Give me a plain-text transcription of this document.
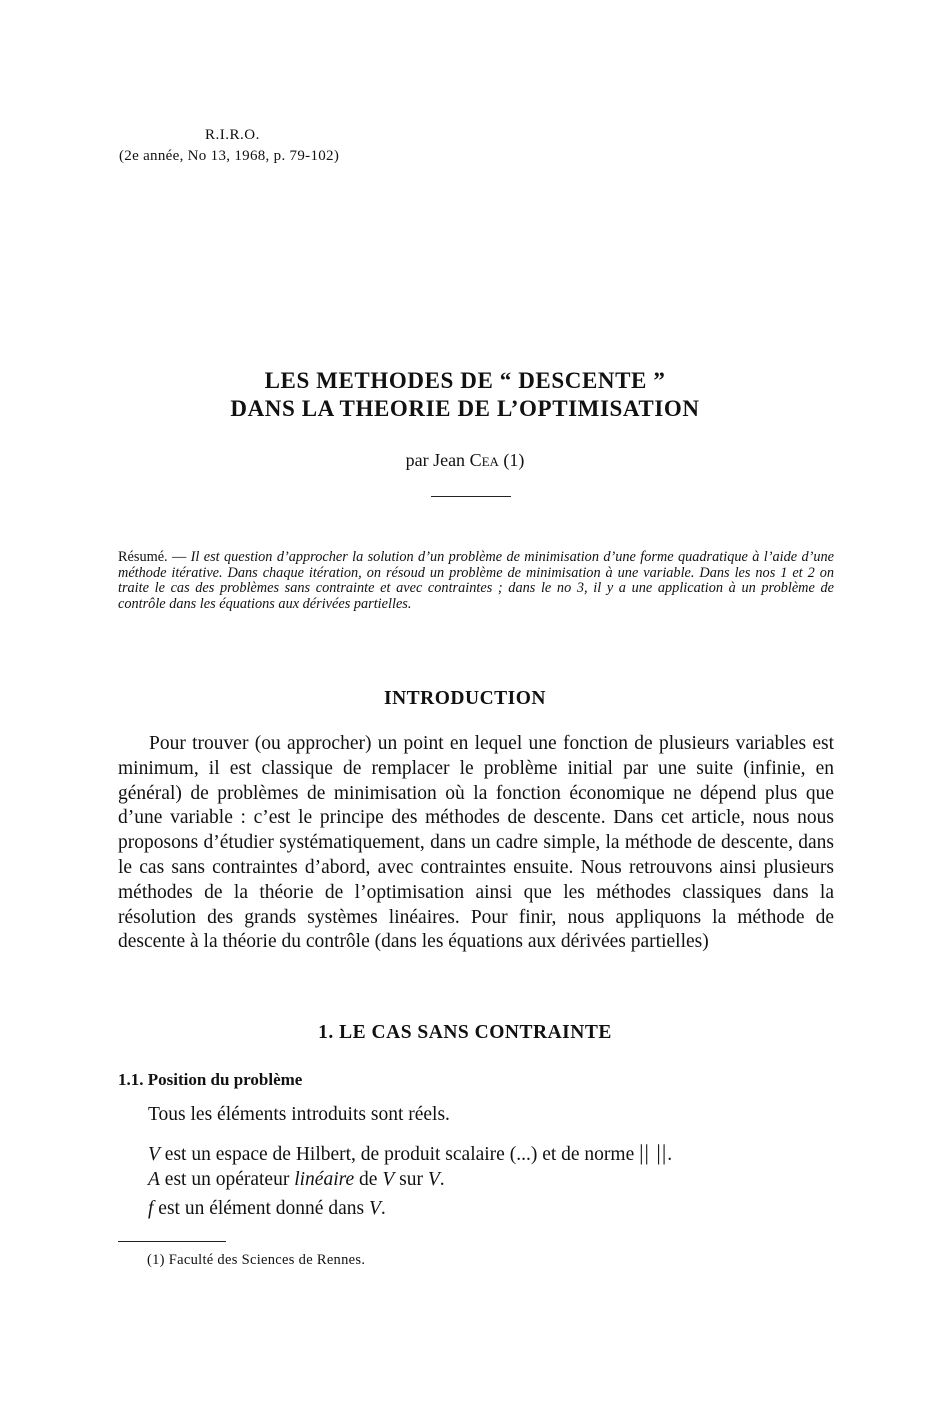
R.I.R.O.
(2e année, No 13, 1968, p. 79-102)
LES METHODES DE “ DESCENTE ”
DANS LA THEORIE DE L’OPTIMISATION
par Jean Cea (1)
Résumé. — Il est question d’approcher la solution d’un problème de minimisation d’une forme quadratique à l’aide d’une méthode itérative. Dans chaque itération, on résoud un problème de minimisation à une variable. Dans les nos 1 et 2 on traite le cas des problèmes sans contrainte et avec contraintes ; dans le no 3, il y a une application à un problème de contrôle dans les équations aux dérivées partielles.
INTRODUCTION

Pour trouver (ou approcher) un point en lequel une fonction de plusieurs variables est minimum, il est classique de remplacer le problème initial par une suite (infinie, en général) de problèmes de minimisation où la fonction économique ne dépend plus que d’une variable : c’est le principe des méthodes de descente. Dans cet article, nous nous proposons d’étudier systématiquement, dans un cadre simple, la méthode de descente, dans le cas sans contraintes d’abord, avec contraintes ensuite. Nous retrouvons ainsi plusieurs méthodes de la théorie de l’optimisation ainsi que les méthodes classiques dans la résolution des grands systèmes linéaires. Pour finir, nous appliquons la méthode de descente à la théorie du contrôle (dans les équations aux dérivées partielles)

1. LE CAS SANS CONTRAINTE
1.1. Position du problème
Tous les éléments introduits sont réels.
V est un espace de Hilbert, de produit scalaire (...) et de norme || ||.
A est un opérateur linéaire de V sur V.
f est un élément donné dans V.
(1) Faculté des Sciences de Rennes.
